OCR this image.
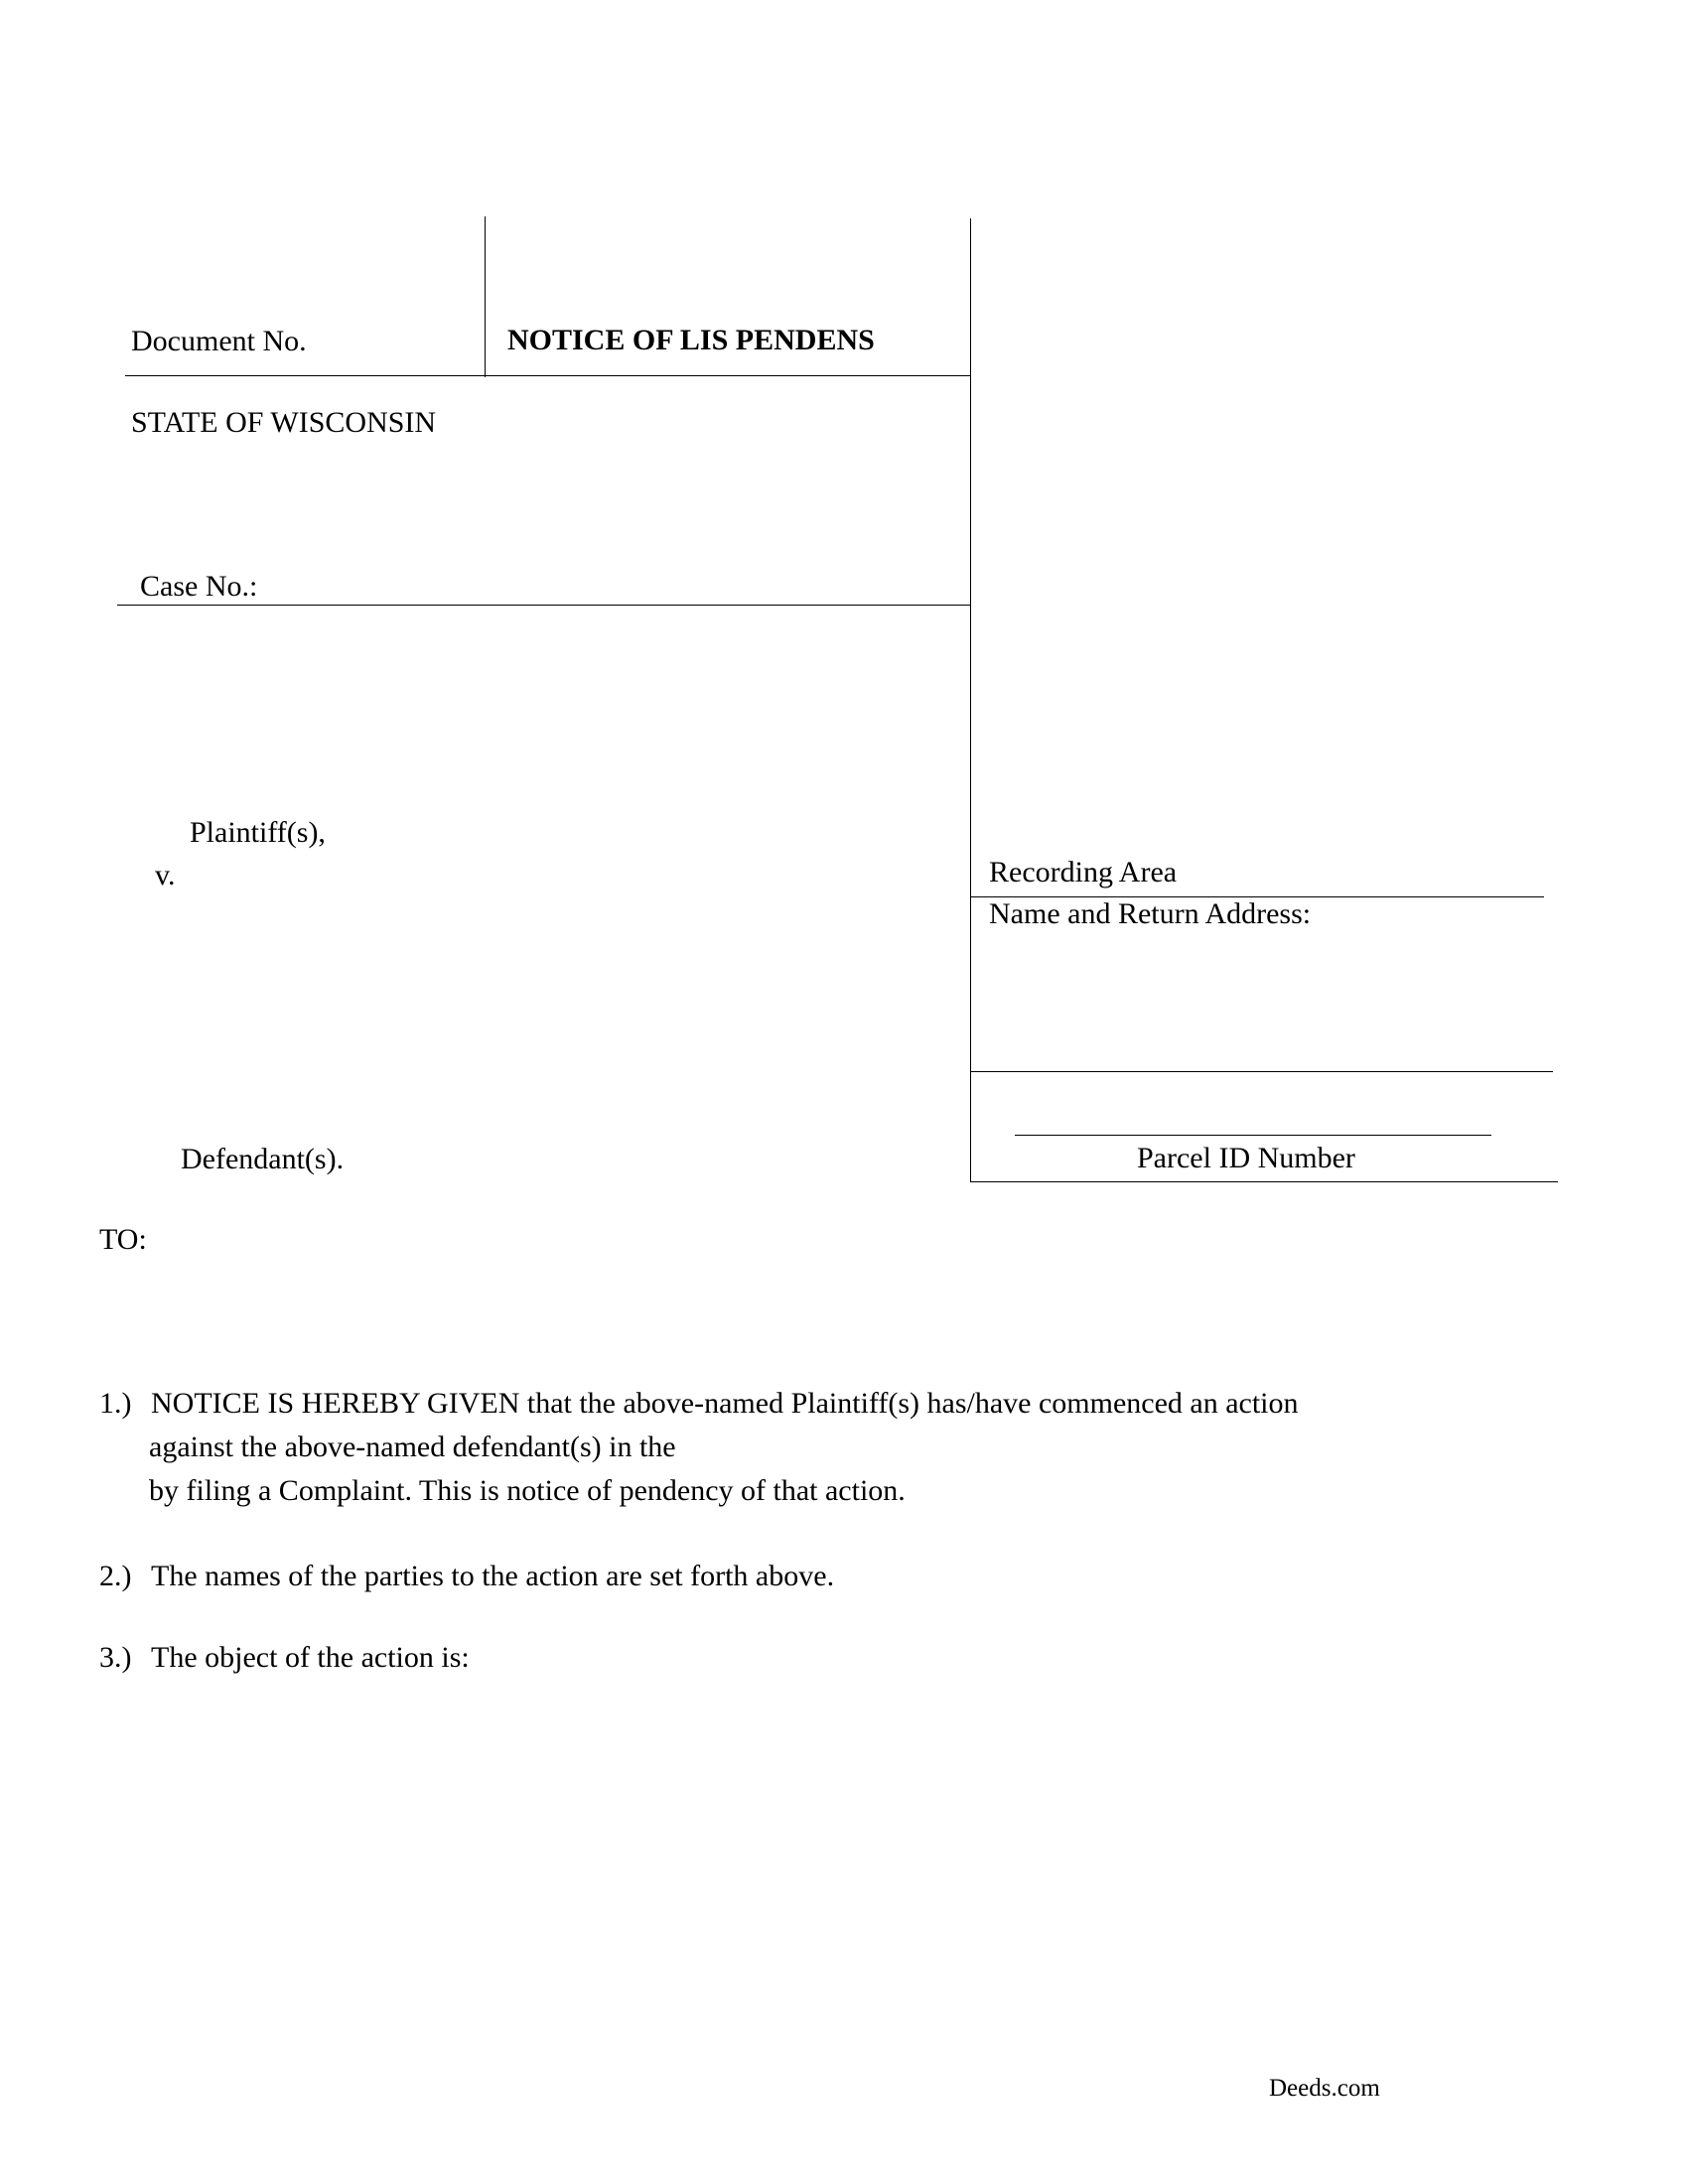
Document No.	NOTICE OF LIS PENDENS
STATE OF WISCONSIN
Case No.:
Plaintiff(s),
v.
Defendant(s).
Recording Area
Name and Return Address:
Parcel ID Number
TO:
1.) NOTICE IS HEREBY GIVEN that the above-named Plaintiff(s) has/have commenced an action
against the above-named defendant(s) in the
by filing a Complaint. This is notice of pendency of that action.
2.) The names of the parties to the action are set forth above.
3.) The object of the action is:
Deeds.com
